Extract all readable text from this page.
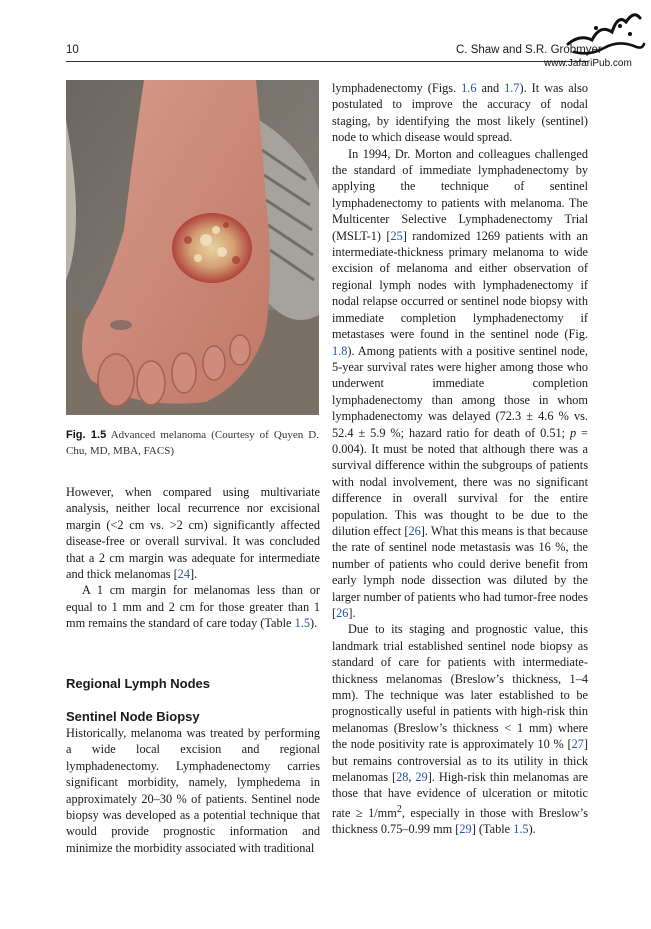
10	C. Shaw and S.R. Grobmyer
www.JafariPub.com
Fig. 1.5 Advanced melanoma (Courtesy of Quyen D. Chu, MD, MBA, FACS)

However, when compared using multivariate analysis, neither local recurrence nor excisional margin (<2 cm vs. >2 cm) significantly affected disease-free or overall survival. It was concluded that a 2 cm margin was adequate for intermediate and thick melanomas [24].

A 1 cm margin for melanomas less than or equal to 1 mm and 2 cm for those greater than 1 mm remains the standard of care today (Table 1.5).

Regional Lymph Nodes
Sentinel Node Biopsy

Historically, melanoma was treated by performing a wide local excision and regional lymphadenectomy. Lymphadenectomy carries significant morbidity, namely, lymphedema in approximately 20–30 % of patients. Sentinel node biopsy was developed as a potential technique that would provide prognostic information and minimize the morbidity associated with traditional

lymphadenectomy (Figs. 1.6 and 1.7). It was also postulated to improve the accuracy of nodal staging, by identifying the most likely (sentinel) node to which disease would spread.

In 1994, Dr. Morton and colleagues challenged the standard of immediate lymphadenectomy by applying the technique of sentinel lymphadenectomy to patients with melanoma. The Multicenter Selective Lymphadenectomy Trial (MSLT-1) [25] randomized 1269 patients with an intermediate-thickness primary melanoma to wide excision of melanoma and either observation of regional lymph nodes with lymphadenectomy if nodal relapse occurred or sentinel node biopsy with immediate completion lymphadenectomy if metastases were found in the sentinel node (Fig. 1.8). Among patients with a positive sentinel node, 5-year survival rates were higher among those who underwent immediate completion lymphadenectomy than among those in whom lymphadenectomy was delayed (72.3 ± 4.6 % vs. 52.4 ± 5.9 %; hazard ratio for death of 0.51; p = 0.004). It must be noted that although there was a survival difference within the subgroups of patients with nodal involvement, there was no significant difference in overall survival for the entire population. This was thought to be due to the dilution effect [26]. What this means is that because the rate of sentinel node metastasis was 16 %, the number of patients who could derive benefit from early lymph node dissection was diluted by the larger number of patients who had tumor-free nodes [26].

Due to its staging and prognostic value, this landmark trial established sentinel node biopsy as standard of care for patients with intermediate-thickness melanomas (Breslow’s thickness, 1–4 mm). The technique was later established to be prognostically useful in patients with high-risk thin melanomas (Breslow’s thickness < 1 mm) where the node positivity rate is approximately 10 % [27] but remains controversial as to its utility in thick melanomas [28, 29]. High-risk thin melanomas are those that have evidence of ulceration or mitotic rate ≥ $1/mm^2$, especially in those with Breslow’s thickness 0.75–0.99 mm [29] (Table 1.5).
